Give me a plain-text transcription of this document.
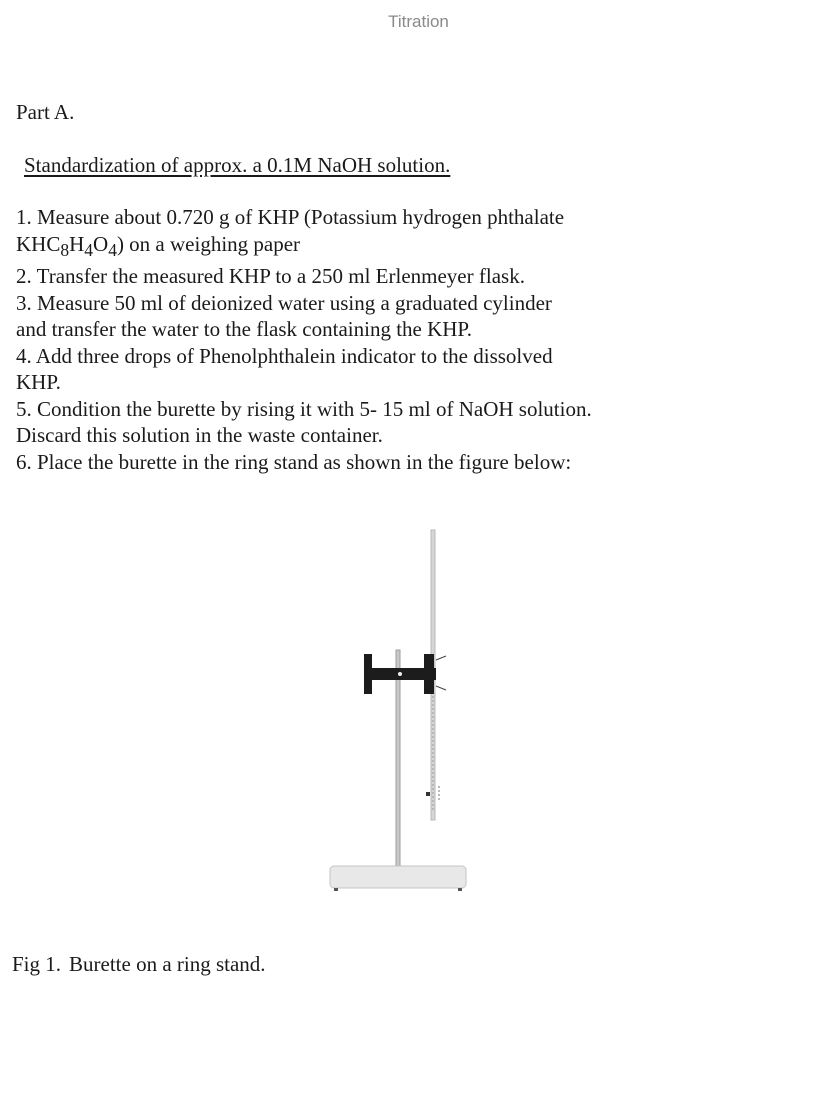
Titration

Part A.

Standardization of approx. a 0.1M NaOH solution.

1. Measure about 0.720 g of KHP (Potassium hydrogen phthalate

$KHC_8H_4O_4$) on a weighing paper

2. Transfer the measured KHP to a 250 ml Erlenmeyer flask.

3. Measure 50 ml of deionized water using a graduated cylinder

and transfer the water to the flask containing the KHP.

4. Add three drops of Phenolphthalein indicator to the dissolved

KHP.

5. Condition the burette by rising it with 5- 15 ml of NaOH solution.

Discard this solution in the waste container.

6. Place the burette in the ring stand as shown in the figure below:

Fig 1. Burette on a ring stand.
